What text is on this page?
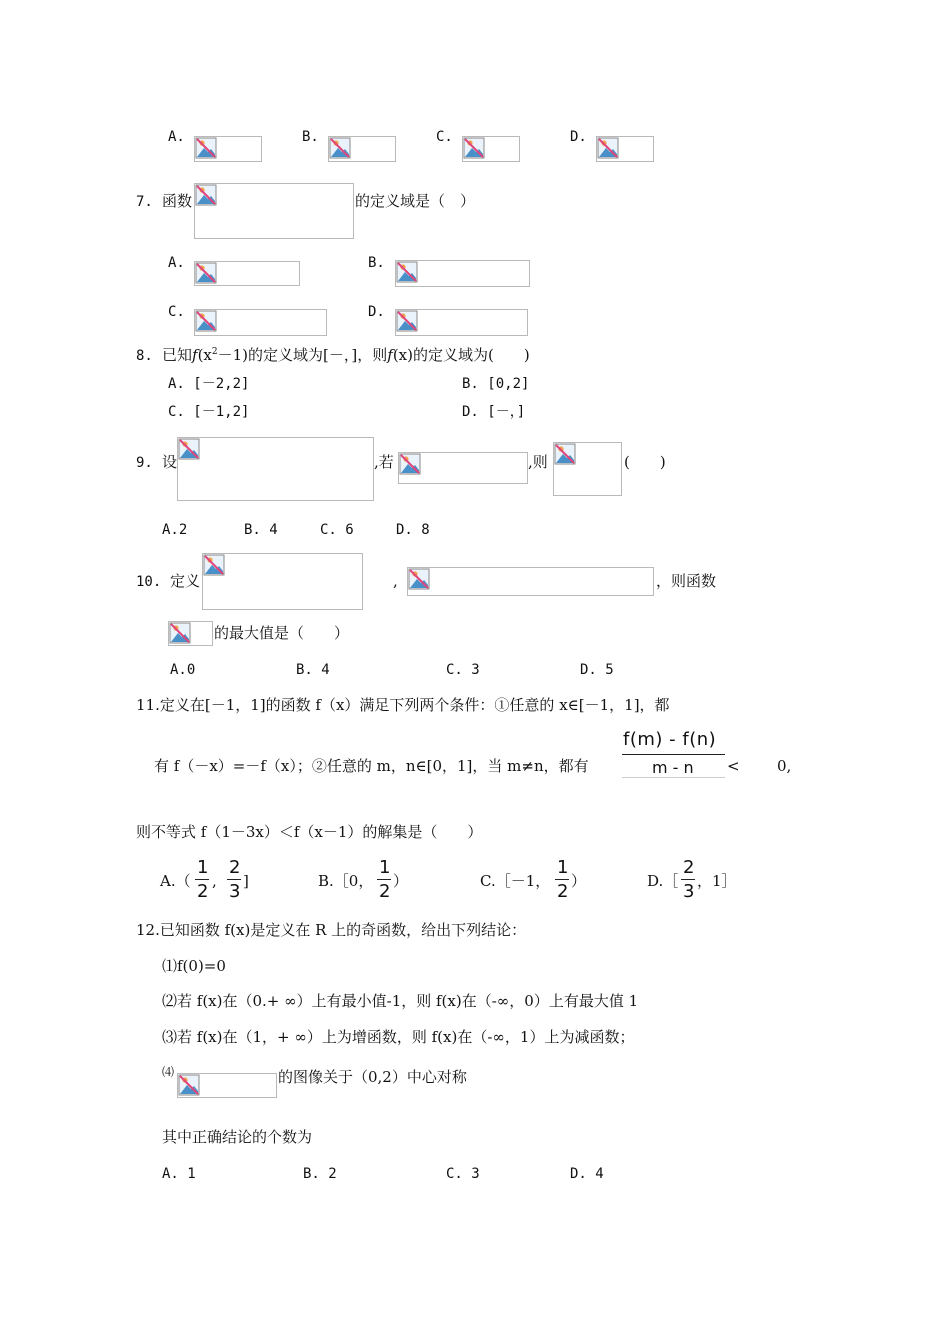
A.	B.	C.	D.
7. 函数	的定义域是（　）
A.	B.
C.	D.
8. 已知$f(x^2-1)$的定义域为[－，]，则f(x)的定义域为(　　)
A. [－2,2]	B. [0,2]
C. [－1,2]	D. [－，]
9. 设	,若	,则	(　　)
A.2	B. 4	C. 6	D. 8
10. 定义	,	，则函数
的最大值是（　　）
A.0	B. 4	C. 3	D. 5
11.定义在[－1，1]的函数 f（x）满足下列两个条件：①任意的 x∈[－1，1]，都
有 f（－x）=－f（x）；②任意的 m，n∈[0，1]，当 m≠n，都有
f(m) - f(n)
m - n < 0,
则不等式 f（1－3x）＜f（x－1）的解集是（　　）
A.（
1
2 ,
2
3 ]	B.［0，
1
2 ）	C.［－1，
1
2 ）	D.［
2
3 ，1］
12.已知函数 f(x)是定义在 R 上的奇函数，给出下列结论：
⑴f(0)=0
⑵若 f(x)在（0.+ ∞）上有最小值-1，则 f(x)在（-∞，0）上有最大值 1
⑶若 f(x)在（1，+ ∞）上为增函数，则 f(x)在（-∞，1）上为减函数；
⑷	的图像关于（0,2）中心对称
其中正确结论的个数为
A. 1	B. 2	C. 3	D. 4
